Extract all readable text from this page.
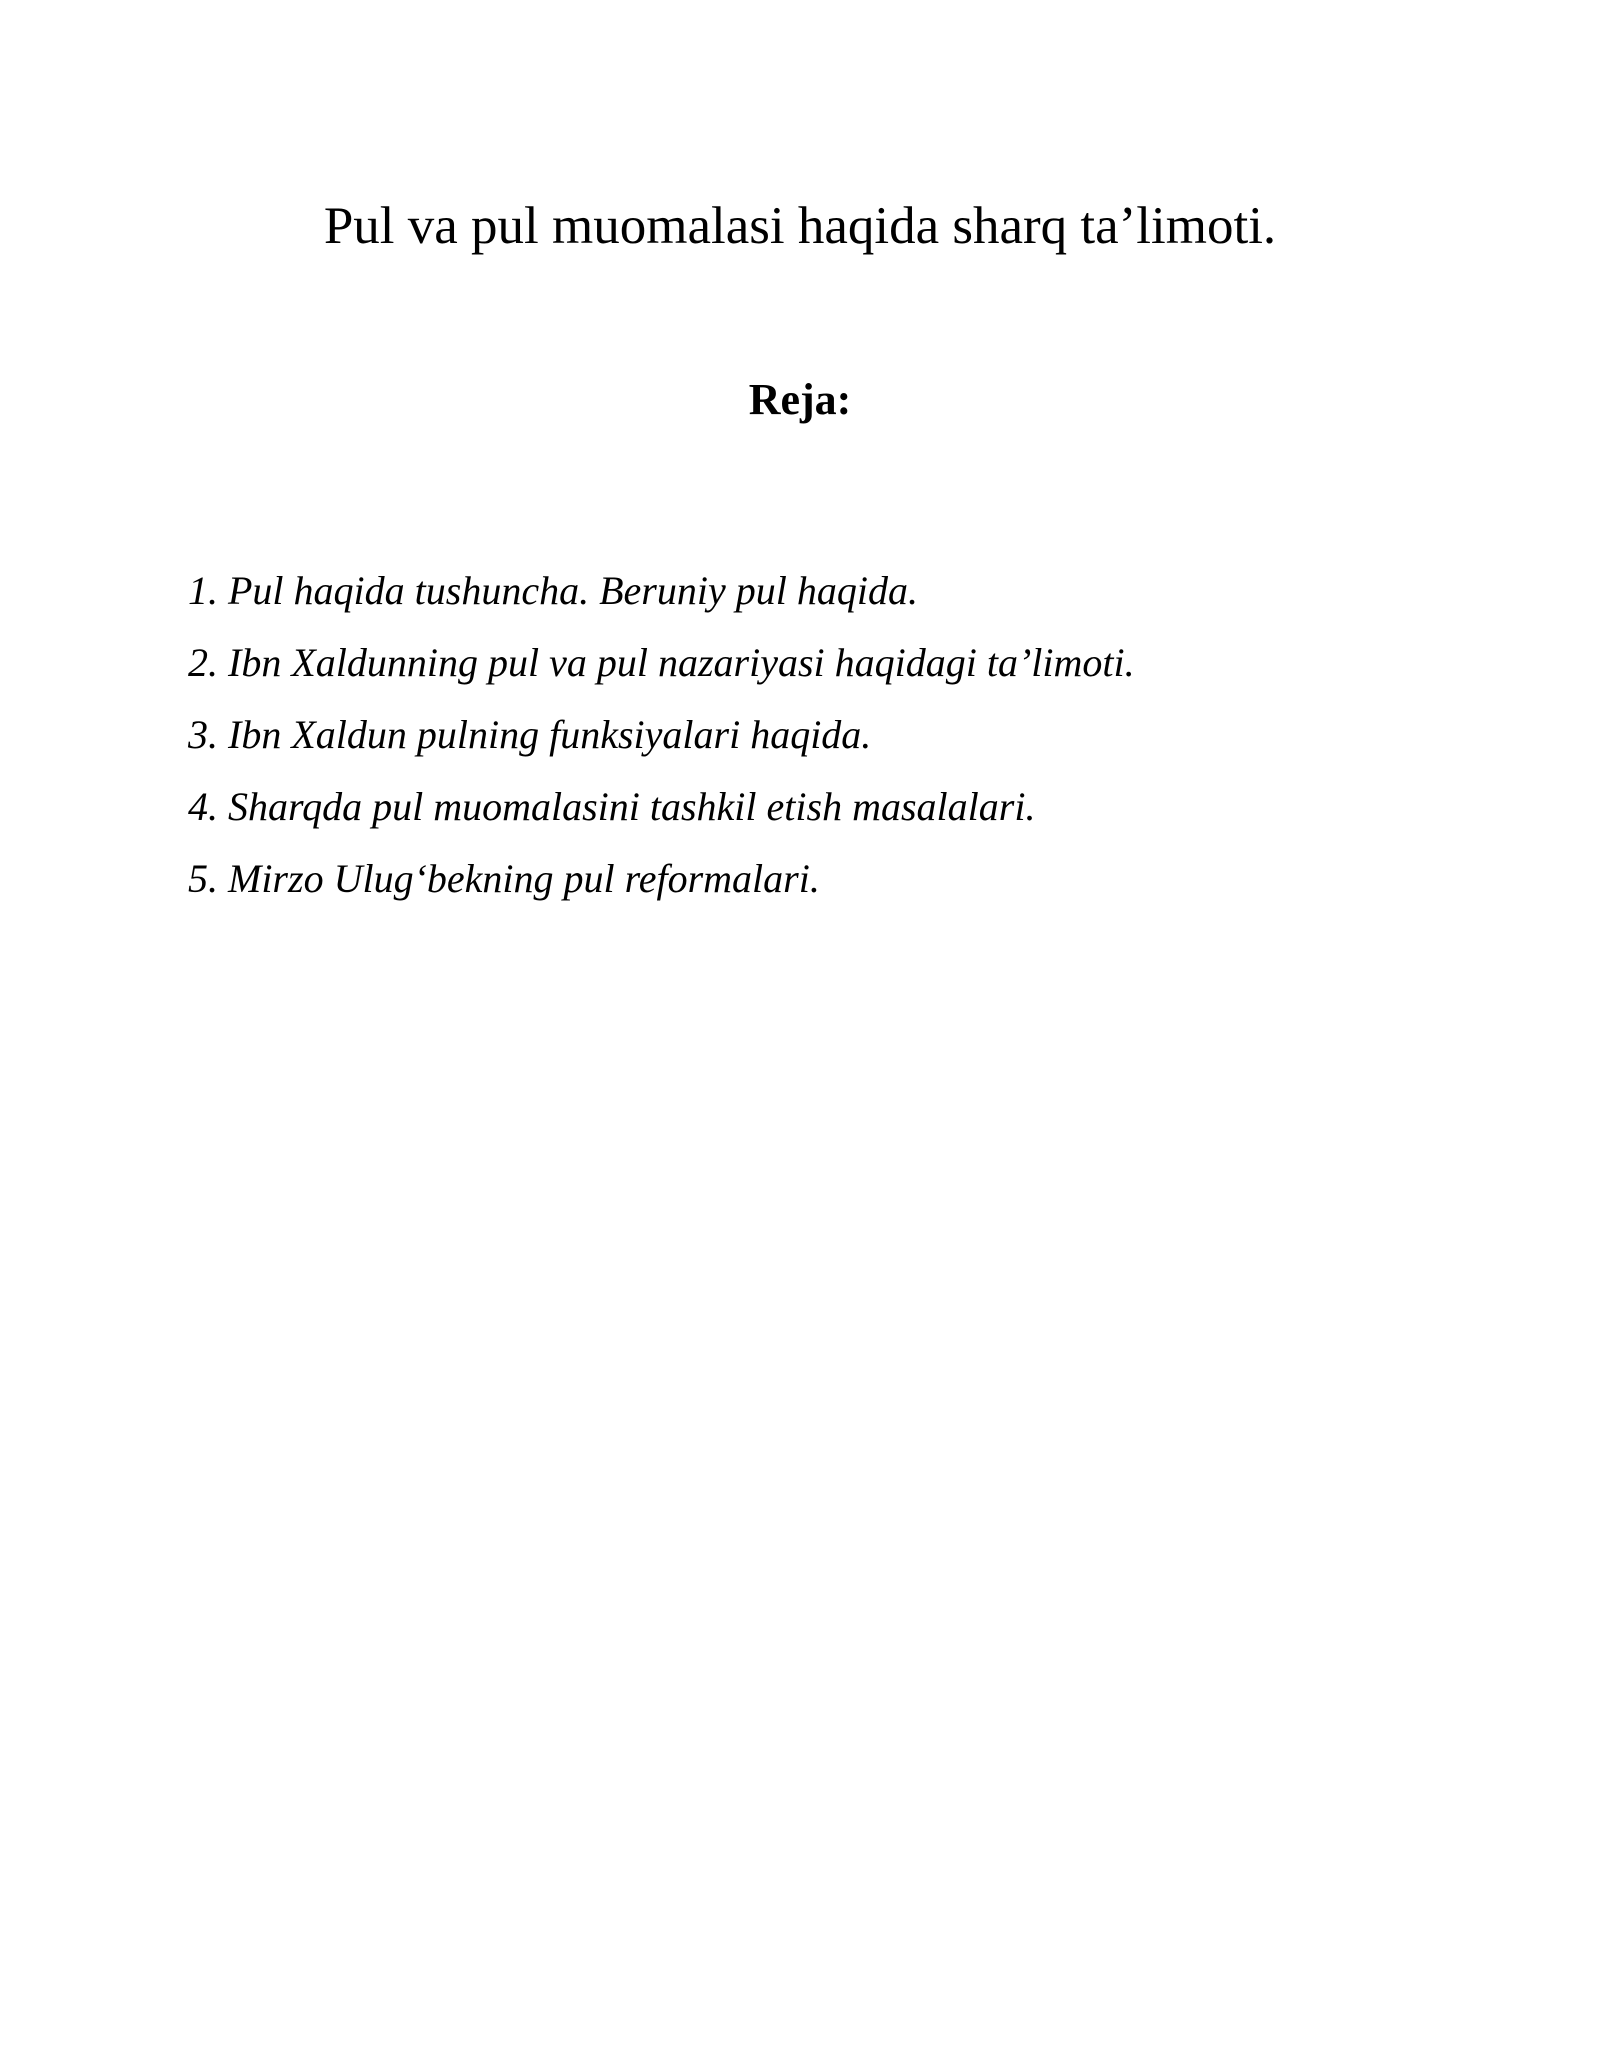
Pul va pul muomalasi haqida sharq ta’limoti.
Reja:
1. Pul haqida tushuncha. Beruniy pul haqida.
2. Ibn Xaldunning pul va pul nazariyasi haqidagi ta’limoti.
3. Ibn Xaldun pulning funksiyalari haqida.
4. Sharqda pul muomalasini tashkil etish masalalari.
5. Mirzo Ulug‘bekning pul reformalari.
